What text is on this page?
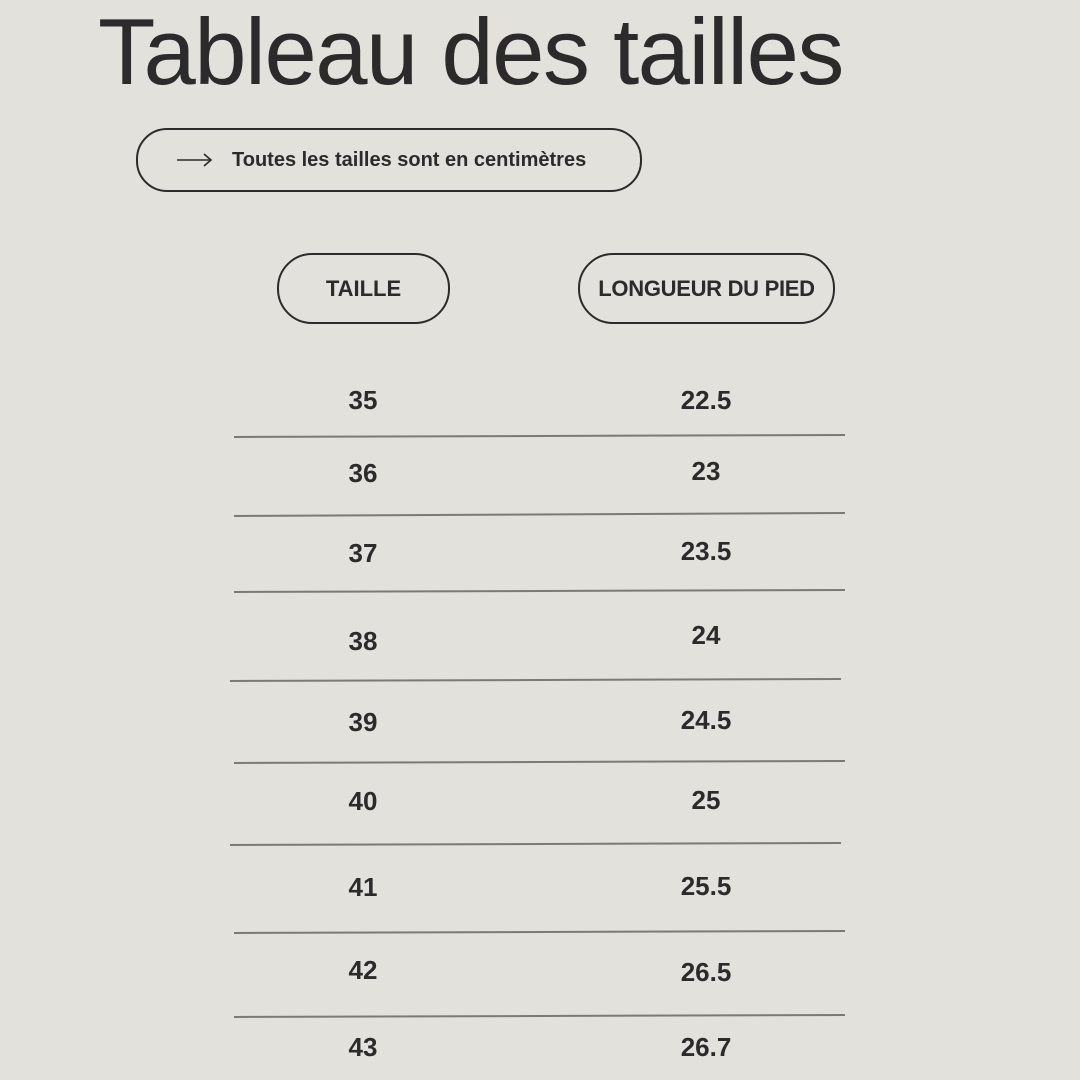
Tableau des tailles
Toutes les tailles sont en centimètres
TAILLE	LONGUEUR DU PIED
35	22.5
36	23
37	23.5
38	24
39	24.5
40	25
41	25.5
42	26.5
43	26.7
